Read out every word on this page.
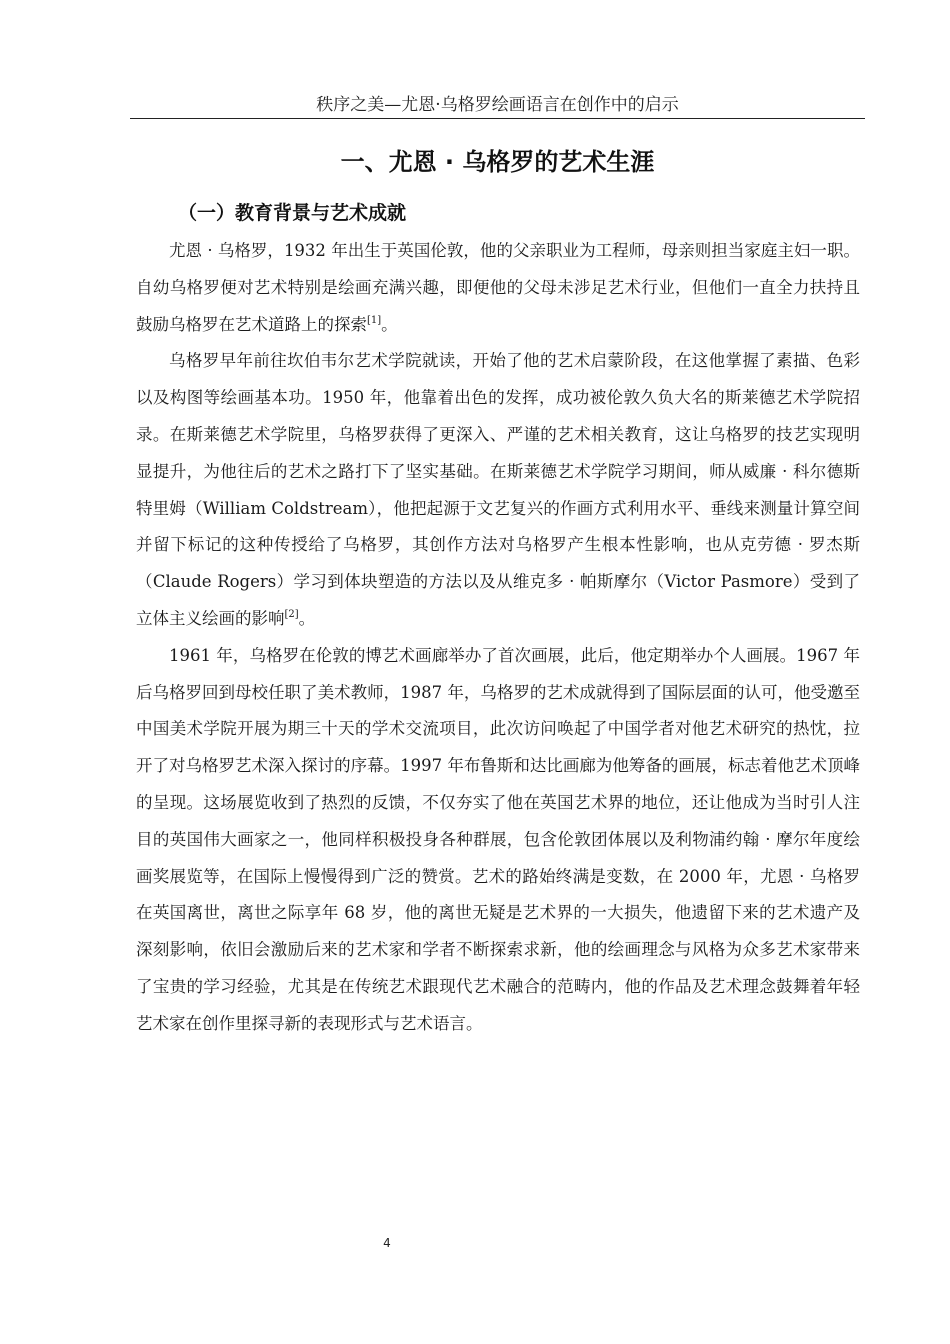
秩序之美—尤恩·乌格罗绘画语言在创作中的启示
一、尤恩 · 乌格罗的艺术生涯
（一）教育背景与艺术成就

尤恩 · 乌格罗，1932 年出生于英国伦敦，他的父亲职业为工程师，母亲则担当家庭主妇一职。自幼乌格罗便对艺术特别是绘画充满兴趣，即便他的父母未涉足艺术行业，但他们一直全力扶持且鼓励乌格罗在艺术道路上的探索[1]。

乌格罗早年前往坎伯韦尔艺术学院就读，开始了他的艺术启蒙阶段，在这他掌握了素描、色彩以及构图等绘画基本功。1950 年，他靠着出色的发挥，成功被伦敦久负大名的斯莱德艺术学院招录。在斯莱德艺术学院里，乌格罗获得了更深入、严谨的艺术相关教育，这让乌格罗的技艺实现明显提升，为他往后的艺术之路打下了坚实基础。在斯莱德艺术学院学习期间，师从威廉 · 科尔德斯特里姆（William Coldstream），他把起源于文艺复兴的作画方式利用水平、垂线来测量计算空间并留下标记的这种传授给了乌格罗，其创作方法对乌格罗产生根本性影响，也从克劳德 · 罗杰斯（Claude Rogers）学习到体块塑造的方法以及从维克多 · 帕斯摩尔（Victor Pasmore）受到了立体主义绘画的影响[2]。

1961 年，乌格罗在伦敦的博艺术画廊举办了首次画展，此后，他定期举办个人画展。1967 年后乌格罗回到母校任职了美术教师，1987 年，乌格罗的艺术成就得到了国际层面的认可，他受邀至中国美术学院开展为期三十天的学术交流项目，此次访问唤起了中国学者对他艺术研究的热忱，拉开了对乌格罗艺术深入探讨的序幕。1997 年布鲁斯和达比画廊为他筹备的画展，标志着他艺术顶峰的呈现。这场展览收到了热烈的反馈，不仅夯实了他在英国艺术界的地位，还让他成为当时引人注目的英国伟大画家之一，他同样积极投身各种群展，包含伦敦团体展以及利物浦约翰 · 摩尔年度绘画奖展览等，在国际上慢慢得到广泛的赞赏。艺术的路始终满是变数，在 2000 年，尤恩 · 乌格罗在英国离世，离世之际享年 68 岁，他的离世无疑是艺术界的一大损失，他遗留下来的艺术遗产及深刻影响，依旧会激励后来的艺术家和学者不断探索求新，他的绘画理念与风格为众多艺术家带来了宝贵的学习经验，尤其是在传统艺术跟现代艺术融合的范畴内，他的作品及艺术理念鼓舞着年轻艺术家在创作里探寻新的表现形式与艺术语言。

4
